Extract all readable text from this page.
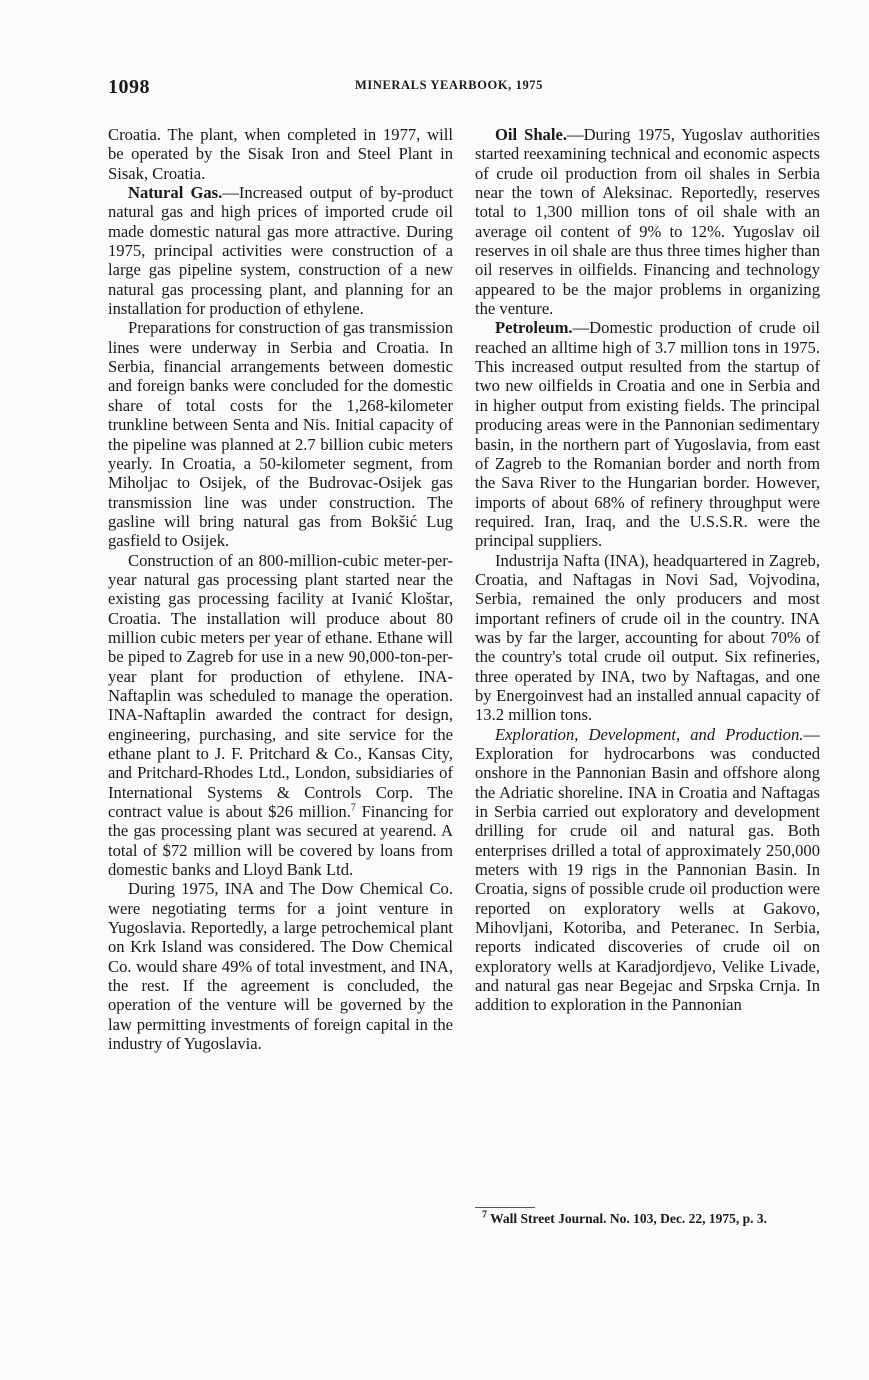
1098	MINERALS YEARBOOK, 1975

Croatia. The plant, when completed in 1977, will be operated by the Sisak Iron and Steel Plant in Sisak, Croatia.

Natural Gas.—Increased output of by-product natural gas and high prices of imported crude oil made domestic natural gas more attractive. During 1975, principal activities were construction of a large gas pipeline system, construction of a new natural gas processing plant, and planning for an installation for production of ethylene.

Preparations for construction of gas transmission lines were underway in Serbia and Croatia. In Serbia, financial arrangements between domestic and foreign banks were concluded for the domestic share of total costs for the 1,268-kilometer trunkline between Senta and Nis. Initial capacity of the pipeline was planned at 2.7 billion cubic meters yearly. In Croatia, a 50-kilometer segment, from Miholjac to Osijek, of the Budrovac-Osijek gas transmission line was under construction. The gasline will bring natural gas from Bokšić Lug gasfield to Osijek.

Construction of an 800-million-cubic meter-per-year natural gas processing plant started near the existing gas processing facility at Ivanić Kloštar, Croatia. The installation will produce about 80 million cubic meters per year of ethane. Ethane will be piped to Zagreb for use in a new 90,000-ton-per-year plant for production of ethylene. INA-Naftaplin was scheduled to manage the operation. INA-Naftaplin awarded the contract for design, engineering, purchasing, and site service for the ethane plant to J. F. Pritchard & Co., Kansas City, and Pritchard-Rhodes Ltd., London, subsidiaries of International Systems & Controls Corp. The contract value is about $26 million.$^7$ Financing for the gas processing plant was secured at yearend. A total of $72 million will be covered by loans from domestic banks and Lloyd Bank Ltd.

During 1975, INA and The Dow Chemical Co. were negotiating terms for a joint venture in Yugoslavia. Reportedly, a large petrochemical plant on Krk Island was considered. The Dow Chemical Co. would share 49% of total investment, and INA, the rest. If the agreement is concluded, the operation of the venture will be governed by the law permitting investments of foreign capital in the industry of Yugoslavia.

Oil Shale.—During 1975, Yugoslav authorities started reexamining technical and economic aspects of crude oil production from oil shales in Serbia near the town of Aleksinac. Reportedly, reserves total to 1,300 million tons of oil shale with an average oil content of 9% to 12%. Yugoslav oil reserves in oil shale are thus three times higher than oil reserves in oilfields. Financing and technology appeared to be the major problems in organizing the venture.

Petroleum.—Domestic production of crude oil reached an alltime high of 3.7 million tons in 1975. This increased output resulted from the startup of two new oilfields in Croatia and one in Serbia and in higher output from existing fields. The principal producing areas were in the Pannonian sedimentary basin, in the northern part of Yugoslavia, from east of Zagreb to the Romanian border and north from the Sava River to the Hungarian border. However, imports of about 68% of refinery throughput were required. Iran, Iraq, and the U.S.S.R. were the principal suppliers.

Industrija Nafta (INA), headquartered in Zagreb, Croatia, and Naftagas in Novi Sad, Vojvodina, Serbia, remained the only producers and most important refiners of crude oil in the country. INA was by far the larger, accounting for about 70% of the country's total crude oil output. Six refineries, three operated by INA, two by Naftagas, and one by Energoinvest had an installed annual capacity of 13.2 million tons.

Exploration, Development, and Production.—Exploration for hydrocarbons was conducted onshore in the Pannonian Basin and offshore along the Adriatic shoreline. INA in Croatia and Naftagas in Serbia carried out exploratory and development drilling for crude oil and natural gas. Both enterprises drilled a total of approximately 250,000 meters with 19 rigs in the Pannonian Basin. In Croatia, signs of possible crude oil production were reported on exploratory wells at Gakovo, Mihovljani, Kotoriba, and Peteranec. In Serbia, reports indicated discoveries of crude oil on exploratory wells at Karadjordjevo, Velike Livade, and natural gas near Begejac and Srpska Crnja. In addition to exploration in the Pannonian

$^7$ Wall Street Journal. No. 103, Dec. 22, 1975, p. 3.
